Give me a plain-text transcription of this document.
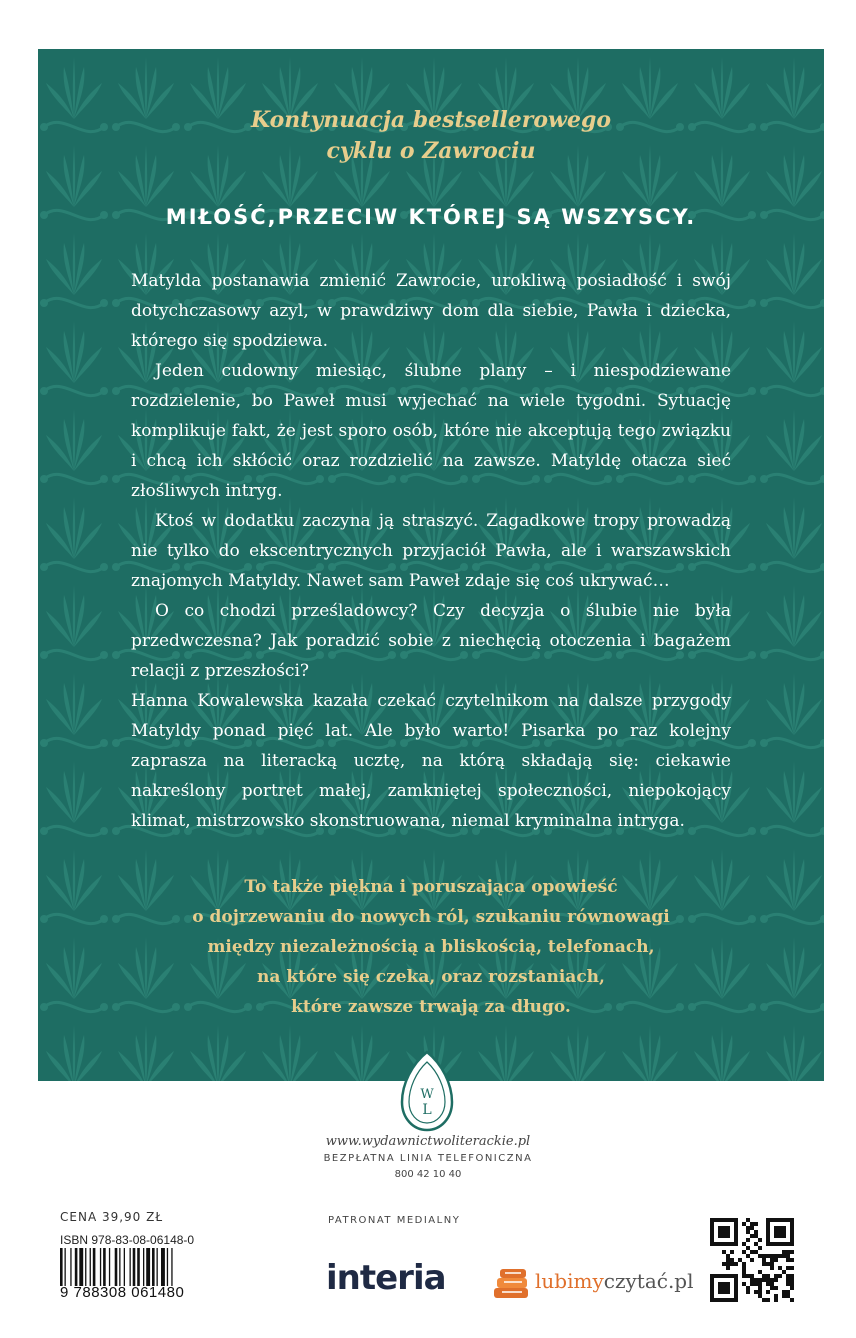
Kontynuacja bestsellerowego
cyklu o Zawrociu
MIŁOŚĆ,PRZECIW KTÓREJ SĄ WSZYSCY.

Matylda postanawia zmienić Zawrocie, urokliwą posiadłość i swój dotychczasowy azyl, w prawdziwy dom dla siebie, Pawła i dziecka, którego się spodziewa.

Jeden cudowny miesiąc, ślubne plany – i niespodziewane rozdzielenie, bo Paweł musi wyjechać na wiele tygodni. Sytuację komplikuje fakt, że jest sporo osób, które nie akceptują tego związku i chcą ich skłócić oraz rozdzielić na zawsze. Matyldę otacza sieć złośliwych intryg.

Ktoś w dodatku zaczyna ją straszyć. Zagadkowe tropy prowadzą nie tylko do ekscentrycznych przyjaciół Pawła, ale i warszawskich znajomych Matyldy. Nawet sam Paweł zdaje się coś ukrywać…

O co chodzi prześladowcy? Czy decyzja o ślubie nie była przedwczesna? Jak poradzić sobie z niechęcią otoczenia i bagażem relacji z przeszłości?

Hanna Kowalewska kazała czekać czytelnikom na dalsze przygody Matyldy ponad pięć lat. Ale było warto! Pisarka po raz kolejny zaprasza na literacką ucztę, na którą składają się: ciekawie nakreślony portret małej, zamkniętej społeczności, niepokojący klimat, mistrzowsko skonstruowana, niemal kryminalna intryga.

To także piękna i poruszająca opowieść
o dojrzewaniu do nowych ról, szukaniu równowagi
między niezależnością a bliskością, telefonach,
na które się czeka, oraz rozstaniach,
które zawsze trwają za długo.
W
L
www.wydawnictwoliterackie.pl
BEZPŁATNA LINIA TELEFONICZNA
800 42 10 40
CENA 39,90 ZŁ
ISBN 978-83-08-06148-0
9 788308 061480
PATRONAT MEDIALNY
interia	lubimyczytać.pl
